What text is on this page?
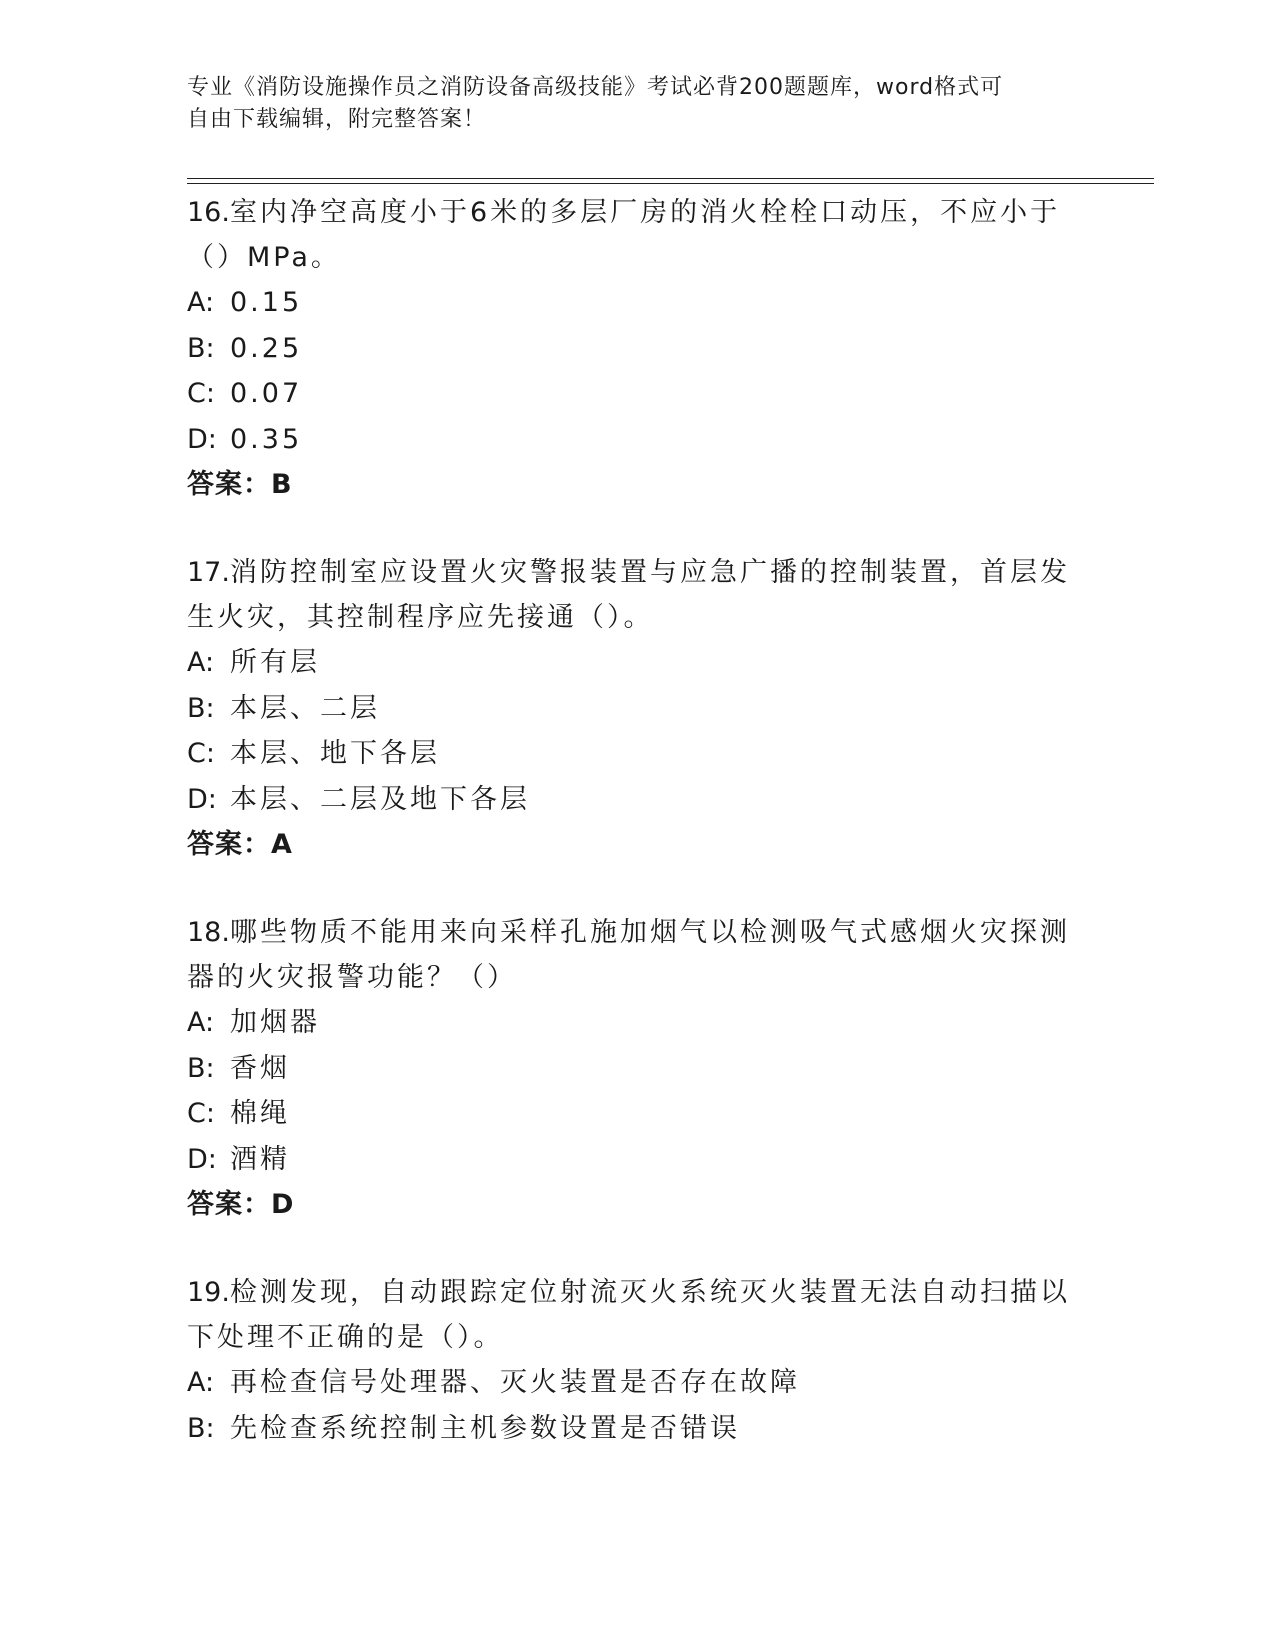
专业《消防设施操作员之消防设备高级技能》考试必背200题题库，word格式可
自由下载编辑，附完整答案！
16.室内净空高度小于6米的多层厂房的消火栓栓口动压，不应小于（）MPa。
A: 0.15
B: 0.25
C: 0.07
D: 0.35
答案：B
17.消防控制室应设置火灾警报装置与应急广播的控制装置，首层发生火灾，其控制程序应先接通（）。
A: 所有层
B: 本层、二层
C: 本层、地下各层
D: 本层、二层及地下各层
答案：A
18.哪些物质不能用来向采样孔施加烟气以检测吸气式感烟火灾探测器的火灾报警功能？（）
A: 加烟器
B: 香烟
C: 棉绳
D: 酒精
答案：D
19.检测发现，自动跟踪定位射流灭火系统灭火装置无法自动扫描以下处理不正确的是（）。
A: 再检查信号处理器、灭火装置是否存在故障
B: 先检查系统控制主机参数设置是否错误
